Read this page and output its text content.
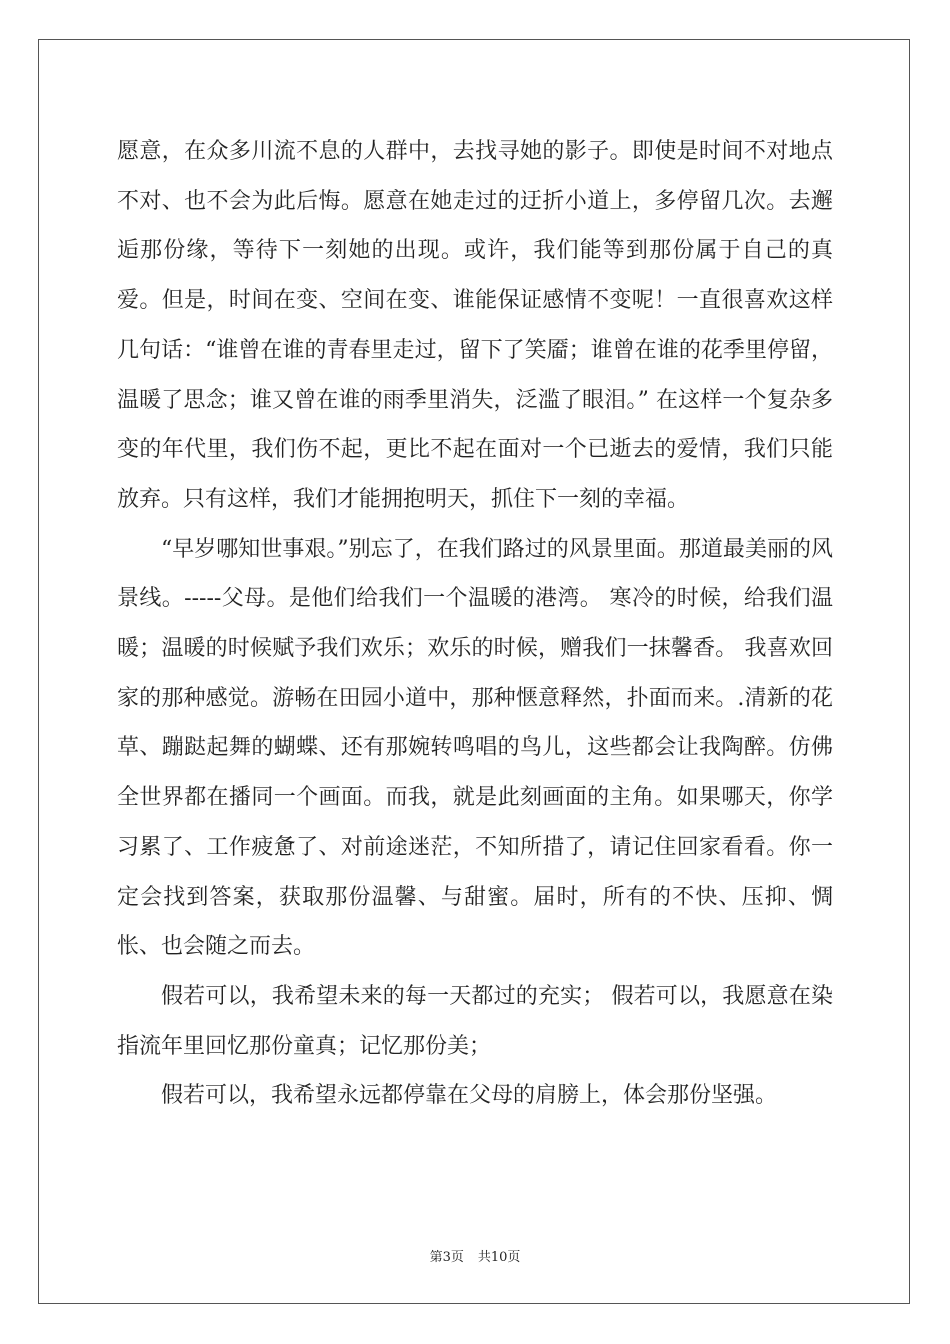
愿意，在众多川流不息的人群中，去找寻她的影子。即使是时间不对地点不对、也不会为此后悔。愿意在她走过的迂折小道上，多停留几次。去邂逅那份缘，等待下一刻她的出现。或许，我们能等到那份属于自己的真爱。但是，时间在变、空间在变、谁能保证感情不变呢！一直很喜欢这样几句话：“谁曾在谁的青春里走过，留下了笑靥；谁曾在谁的花季里停留，温暖了思念；谁又曾在谁的雨季里消失，泛滥了眼泪。” 在这样一个复杂多变的年代里，我们伤不起，更比不起在面对一个已逝去的爱情，我们只能放弃。只有这样，我们才能拥抱明天，抓住下一刻的幸福。

“早岁哪知世事艰。”别忘了，在我们路过的风景里面。那道最美丽的风景线。-----父母。是他们给我们一个温暖的港湾。 寒冷的时候，给我们温暖；温暖的时候赋予我们欢乐；欢乐的时候，赠我们一抹馨香。 我喜欢回家的那种感觉。游畅在田园小道中，那种惬意释然，扑面而来。.清新的花草、蹦跶起舞的蝴蝶、还有那婉转鸣唱的鸟儿，这些都会让我陶醉。仿佛全世界都在播同一个画面。而我，就是此刻画面的主角。如果哪天，你学习累了、工作疲惫了、对前途迷茫，不知所措了，请记住回家看看。你一定会找到答案，获取那份温馨、与甜蜜。届时，所有的不快、压抑、惆怅、也会随之而去。

假若可以，我希望未来的每一天都过的充实； 假若可以，我愿意在染指流年里回忆那份童真；记忆那份美；

假若可以，我希望永远都停靠在父母的肩膀上，体会那份坚强。

第3页 共10页
